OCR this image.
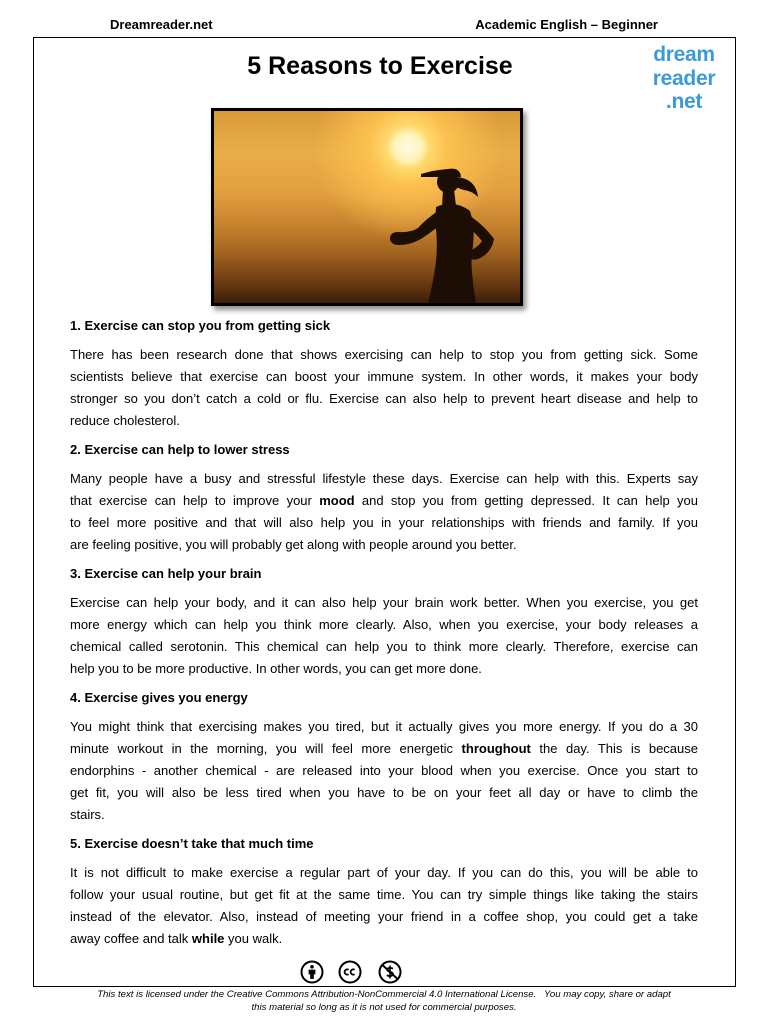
Dreamreader.net	Academic English – Beginner
5 Reasons to Exercise	dream
reader
.net
1. Exercise can stop you from getting sick
There has been research done that shows exercising can help to stop you from getting sick. Some
scientists believe that exercise can boost your immune system. In other words, it makes your body
stronger so you don’t catch a cold or flu. Exercise can also help to prevent heart disease and help to
reduce cholesterol.
2. Exercise can help to lower stress
Many people have a busy and stressful lifestyle these days. Exercise can help with this. Experts say
that exercise can help to improve your mood and stop you from getting depressed. It can help you
to feel more positive and that will also help you in your relationships with friends and family. If you
are feeling positive, you will probably get along with people around you better.
3. Exercise can help your brain
Exercise can help your body, and it can also help your brain work better. When you exercise, you get
more energy which can help you think more clearly. Also, when you exercise, your body releases a
chemical called serotonin. This chemical can help you to think more clearly. Therefore, exercise can
help you to be more productive. In other words, you can get more done.
4. Exercise gives you energy
You might think that exercising makes you tired, but it actually gives you more energy. If you do a 30
minute workout in the morning, you will feel more energetic throughout the day. This is because
endorphins - another chemical - are released into your blood when you exercise. Once you start to
get fit, you will also be less tired when you have to be on your feet all day or have to climb the
stairs.
5. Exercise doesn’t take that much time
It is not difficult to make exercise a regular part of your day. If you can do this, you will be able to
follow your usual routine, but get fit at the same time. You can try simple things like taking the stairs
instead of the elevator. Also, instead of meeting your friend in a coffee shop, you could get a take
away coffee and talk while you walk.
This text is licensed under the Creative Commons Attribution-NonCommercial 4.0 International License.   You may copy, share or adapt
this material so long as it is not used for commercial purposes.
